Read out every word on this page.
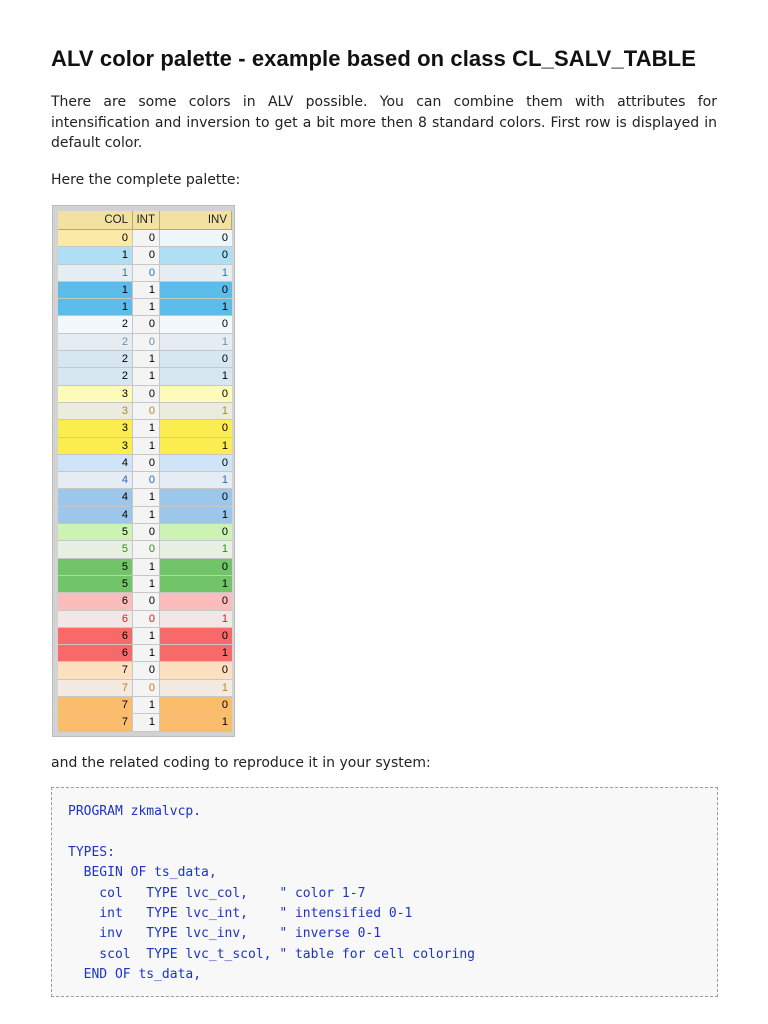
ALV color palette - example based on class CL_SALV_TABLE

There are some colors in ALV possible. You can combine them with attributes for intensification and inversion to get a bit more then 8 standard colors. First row is displayed in default color.

Here the complete palette:

COL INT	INV
0	0	0
1	0	0
1	0	1
1	1	0
1	1	1
2	0	0
2	0	1
2	1	0
2	1	1
3	0	0
3	0	1
3	1	0
3	1	1
4	0	0
4	0	1
4	1	0
4	1	1
5	0	0
5	0	1
5	1	0
5	1	1
6	0	0
6	0	1
6	1	0
6	1	1
7	0	0
7	0	1
7	1	0
7	1	1

and the related coding to reproduce it in your system:

PROGRAM zkmalvcp.
TYPES:
BEGIN OF ts_data,
col   TYPE lvc_col,    " color 1-7
int   TYPE lvc_int,    " intensified 0-1
inv   TYPE lvc_inv,    " inverse 0-1
scol  TYPE lvc_t_scol, " table for cell coloring
END OF ts_data,
